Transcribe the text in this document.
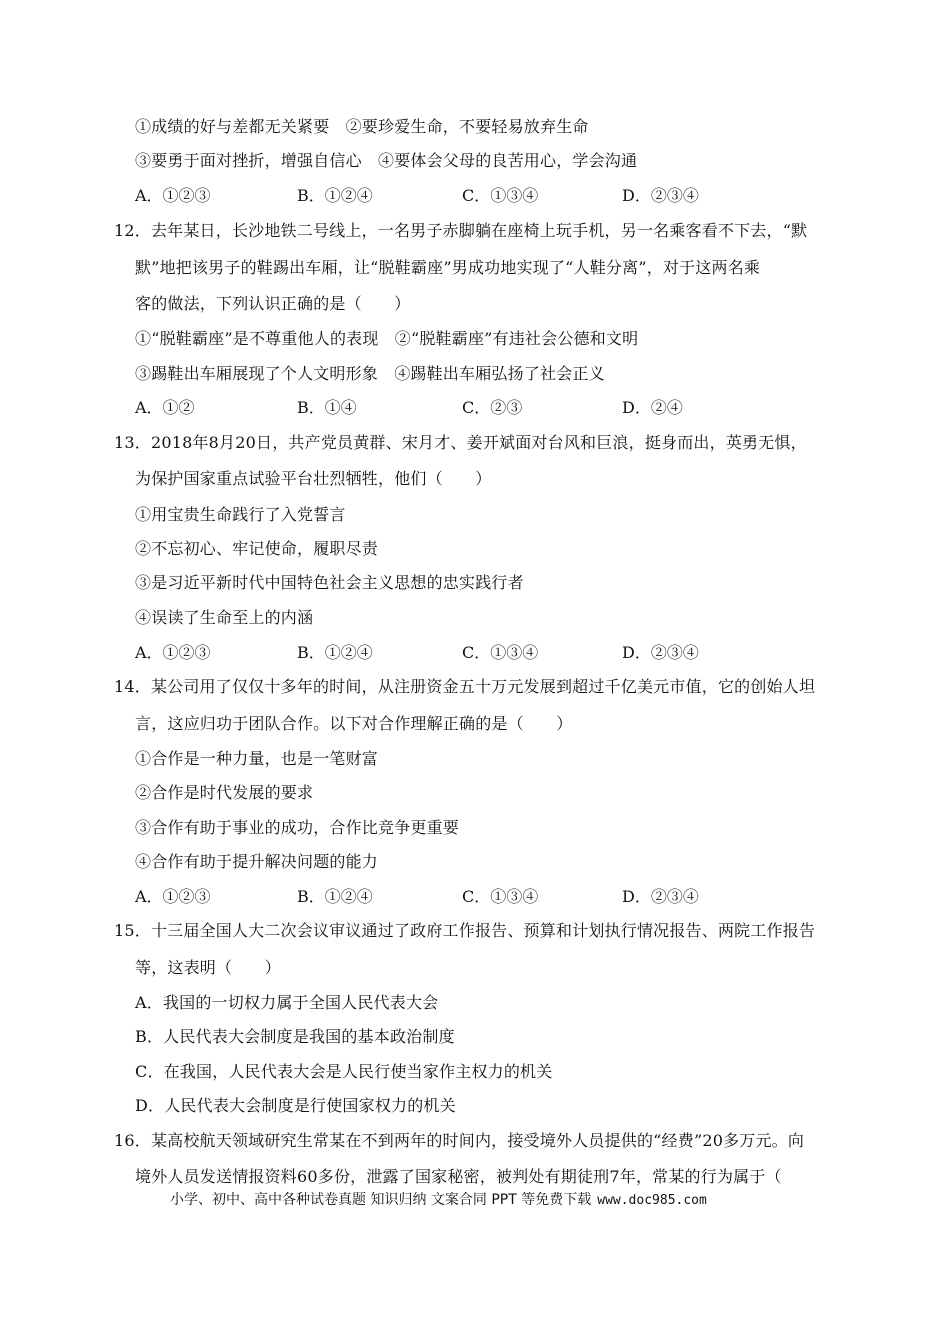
①成绩的好与差都无关紧要　②要珍爱生命，不要轻易放弃生命
③要勇于面对挫折，增强自信心　④要体会父母的良苦用心，学会沟通
A．①②③	B．①②④	C．①③④	D．②③④
12．去年某日，长沙地铁二号线上，一名男子赤脚躺在座椅上玩手机，另一名乘客看不下去，“默
默”地把该男子的鞋踢出车厢，让“脱鞋霸座”男成功地实现了“人鞋分离”，对于这两名乘
客的做法，下列认识正确的是（　　）
①“脱鞋霸座”是不尊重他人的表现　②“脱鞋霸座”有违社会公德和文明
③踢鞋出车厢展现了个人文明形象　④踢鞋出车厢弘扬了社会正义
A．①②	B．①④	C．②③	D．②④
13．2018年8月20日，共产党员黄群、宋月才、姜开斌面对台风和巨浪，挺身而出，英勇无惧，
为保护国家重点试验平台壮烈牺牲，他们（　　）
①用宝贵生命践行了入党誓言
②不忘初心、牢记使命，履职尽责
③是习近平新时代中国特色社会主义思想的忠实践行者
④误读了生命至上的内涵
A．①②③	B．①②④	C．①③④	D．②③④
14．某公司用了仅仅十多年的时间，从注册资金五十万元发展到超过千亿美元市值，它的创始人坦
言，这应归功于团队合作。以下对合作理解正确的是（　　）
①合作是一种力量，也是一笔财富
②合作是时代发展的要求
③合作有助于事业的成功，合作比竞争更重要
④合作有助于提升解决问题的能力
A．①②③	B．①②④	C．①③④	D．②③④
15．十三届全国人大二次会议审议通过了政府工作报告、预算和计划执行情况报告、两院工作报告
等，这表明（　　）
A．我国的一切权力属于全国人民代表大会
B．人民代表大会制度是我国的基本政治制度
C．在我国，人民代表大会是人民行使当家作主权力的机关
D．人民代表大会制度是行使国家权力的机关
16．某高校航天领域研究生常某在不到两年的时间内，接受境外人员提供的“经费”20多万元。向
境外人员发送情报资料60多份，泄露了国家秘密，被判处有期徒刑7年，常某的行为属于（
小学、初中、高中各种试卷真题 知识归纳 文案合同 PPT 等免费下载 www.doc985.com
